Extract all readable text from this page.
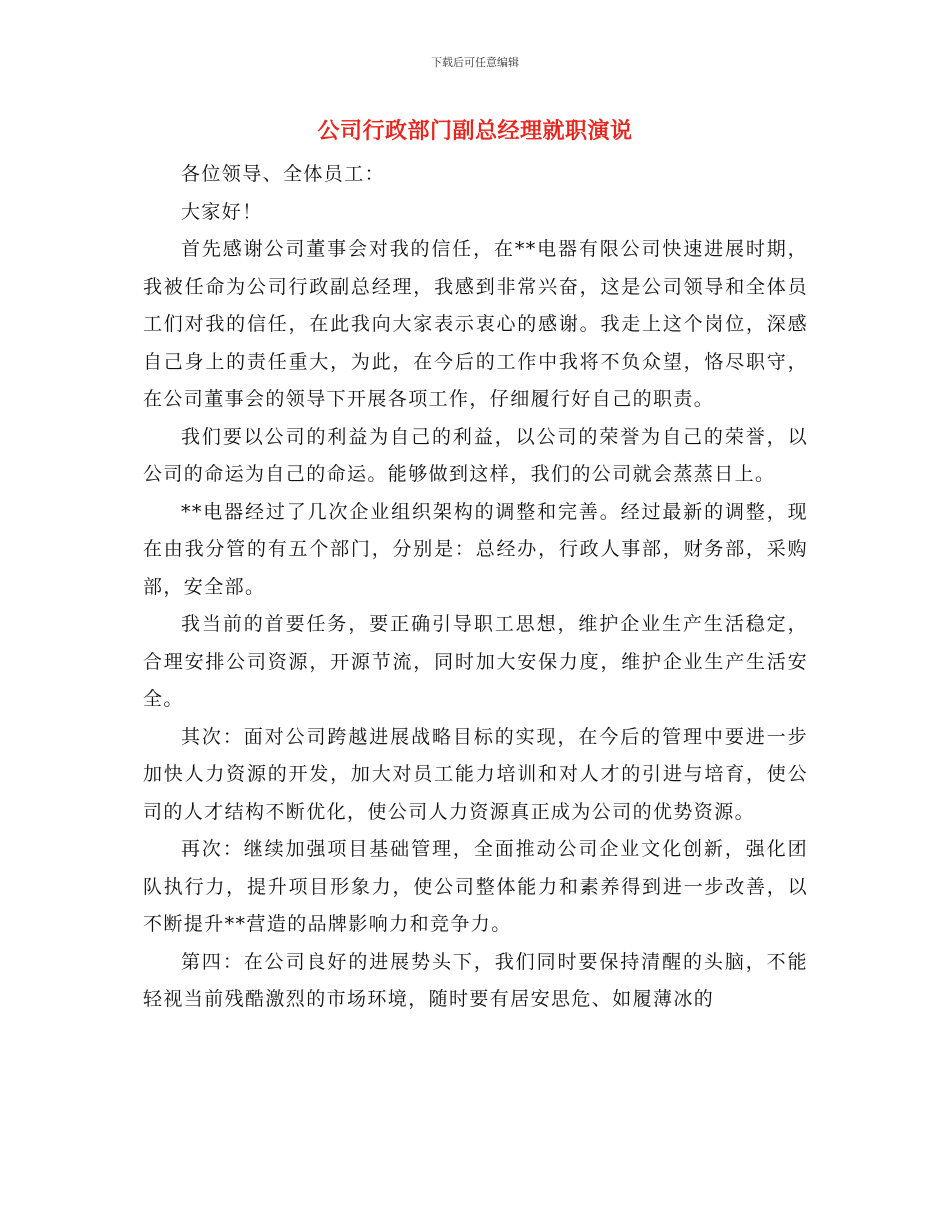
下载后可任意编辑
公司行政部门副总经理就职演说

各位领导、全体员工：

大家好！

首先感谢公司董事会对我的信任，在**电器有限公司快速进展时期，我被任命为公司行政副总经理，我感到非常兴奋，这是公司领导和全体员工们对我的信任，在此我向大家表示衷心的感谢。我走上这个岗位，深感自己身上的责任重大，为此，在今后的工作中我将不负众望，恪尽职守，在公司董事会的领导下开展各项工作，仔细履行好自己的职责。

我们要以公司的利益为自己的利益，以公司的荣誉为自己的荣誉，以公司的命运为自己的命运。能够做到这样，我们的公司就会蒸蒸日上。

**电器经过了几次企业组织架构的调整和完善。经过最新的调整，现在由我分管的有五个部门，分别是：总经办，行政人事部，财务部，采购部，安全部。

我当前的首要任务，要正确引导职工思想，维护企业生产生活稳定，合理安排公司资源，开源节流，同时加大安保力度，维护企业生产生活安全。

其次：面对公司跨越进展战略目标的实现，在今后的管理中要进一步加快人力资源的开发，加大对员工能力培训和对人才的引进与培育，使公司的人才结构不断优化，使公司人力资源真正成为公司的优势资源。

再次：继续加强项目基础管理，全面推动公司企业文化创新，强化团队执行力，提升项目形象力，使公司整体能力和素养得到进一步改善，以不断提升**营造的品牌影响力和竞争力。

第四：在公司良好的进展势头下，我们同时要保持清醒的头脑，不能轻视当前残酷激烈的市场环境，随时要有居安思危、如履薄冰的
